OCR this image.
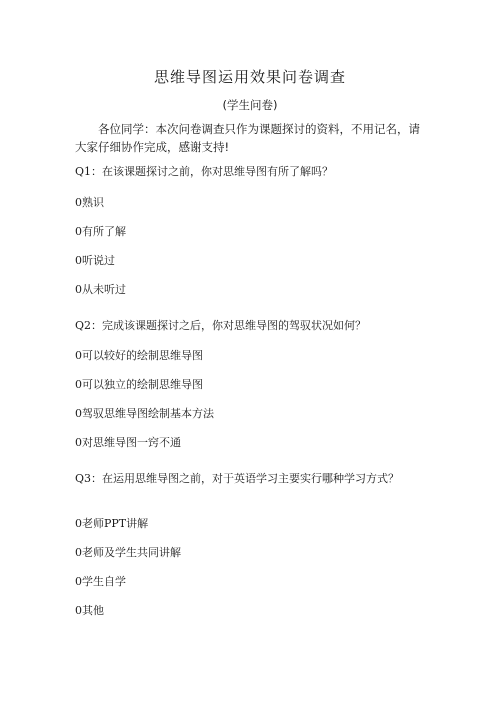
思维导图运用效果问卷调查
(学生问卷)
各位同学：本次问卷调查只作为课题探讨的资料，不用记名，请大家仔细协作完成，感谢支持!
Q1：在该课题探讨之前，你对思维导图有所了解吗？
0熟识
0有所了解
0听说过
0从未听过
Q2：完成该课题探讨之后，你对思维导图的驾驭状况如何？
0可以较好的绘制思维导图
0可以独立的绘制思维导图
0驾驭思维导图绘制基本方法
0对思维导图一窍不通
Q3：在运用思维导图之前，对于英语学习主要实行哪种学习方式？
0老师PPT讲解
0老师及学生共同讲解
0学生自学
0其他
